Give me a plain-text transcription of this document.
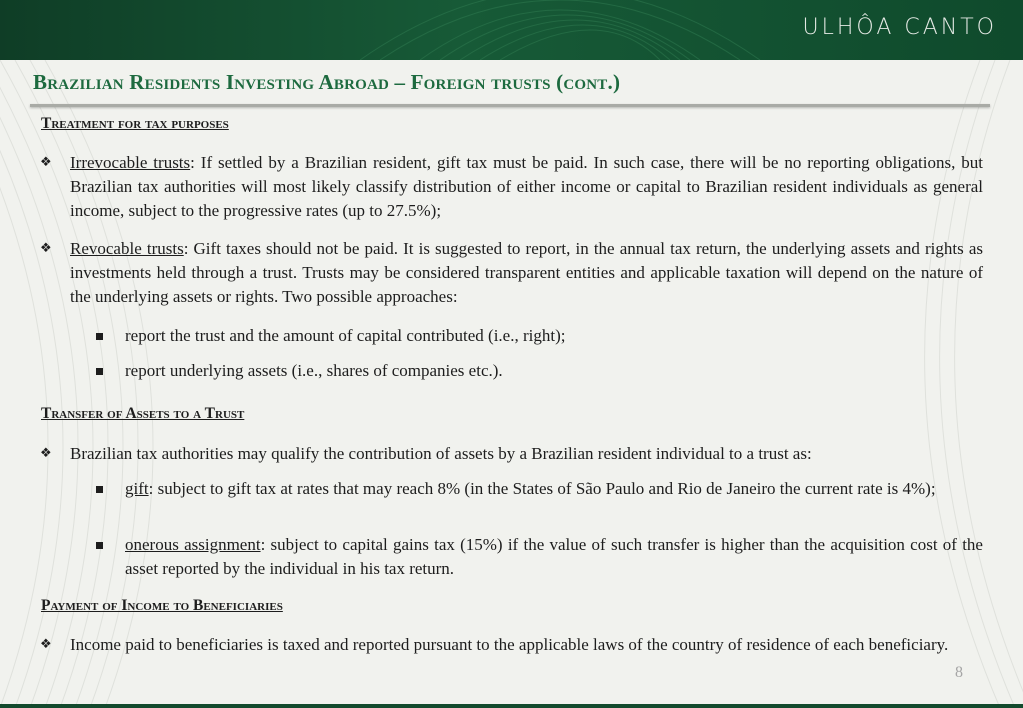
ULHÔA CANTO
Brazilian Residents Investing Abroad – Foreign trusts (cont.)
Treatment for tax purposes
❖ Irrevocable trusts: If settled by a Brazilian resident, gift tax must be paid. In such case, there will be no reporting obligations, but Brazilian tax authorities will most likely classify distribution of either income or capital to Brazilian resident individuals as general income, subject to the progressive rates (up to 27.5%);

❖ Revocable trusts: Gift taxes should not be paid. It is suggested to report, in the annual tax return, the underlying assets and rights as investments held through a trust. Trusts may be considered transparent entities and applicable taxation will depend on the nature of the underlying assets or rights. Two possible approaches:

report the trust and the amount of capital contributed (i.e., right);

report underlying assets (i.e., shares of companies etc.).

Transfer of Assets to a Trust
❖ Brazilian tax authorities may qualify the contribution of assets by a Brazilian resident individual to a trust as:

gift: subject to gift tax at rates that may reach 8% (in the States of São Paulo and Rio de Janeiro the current rate is 4%);

onerous assignment: subject to capital gains tax (15%) if the value of such transfer is higher than the acquisition cost of the asset reported by the individual in his tax return.

Payment of Income to Beneficiaries
❖ Income paid to beneficiaries is taxed and reported pursuant to the applicable laws of the country of residence of each beneficiary.

8
